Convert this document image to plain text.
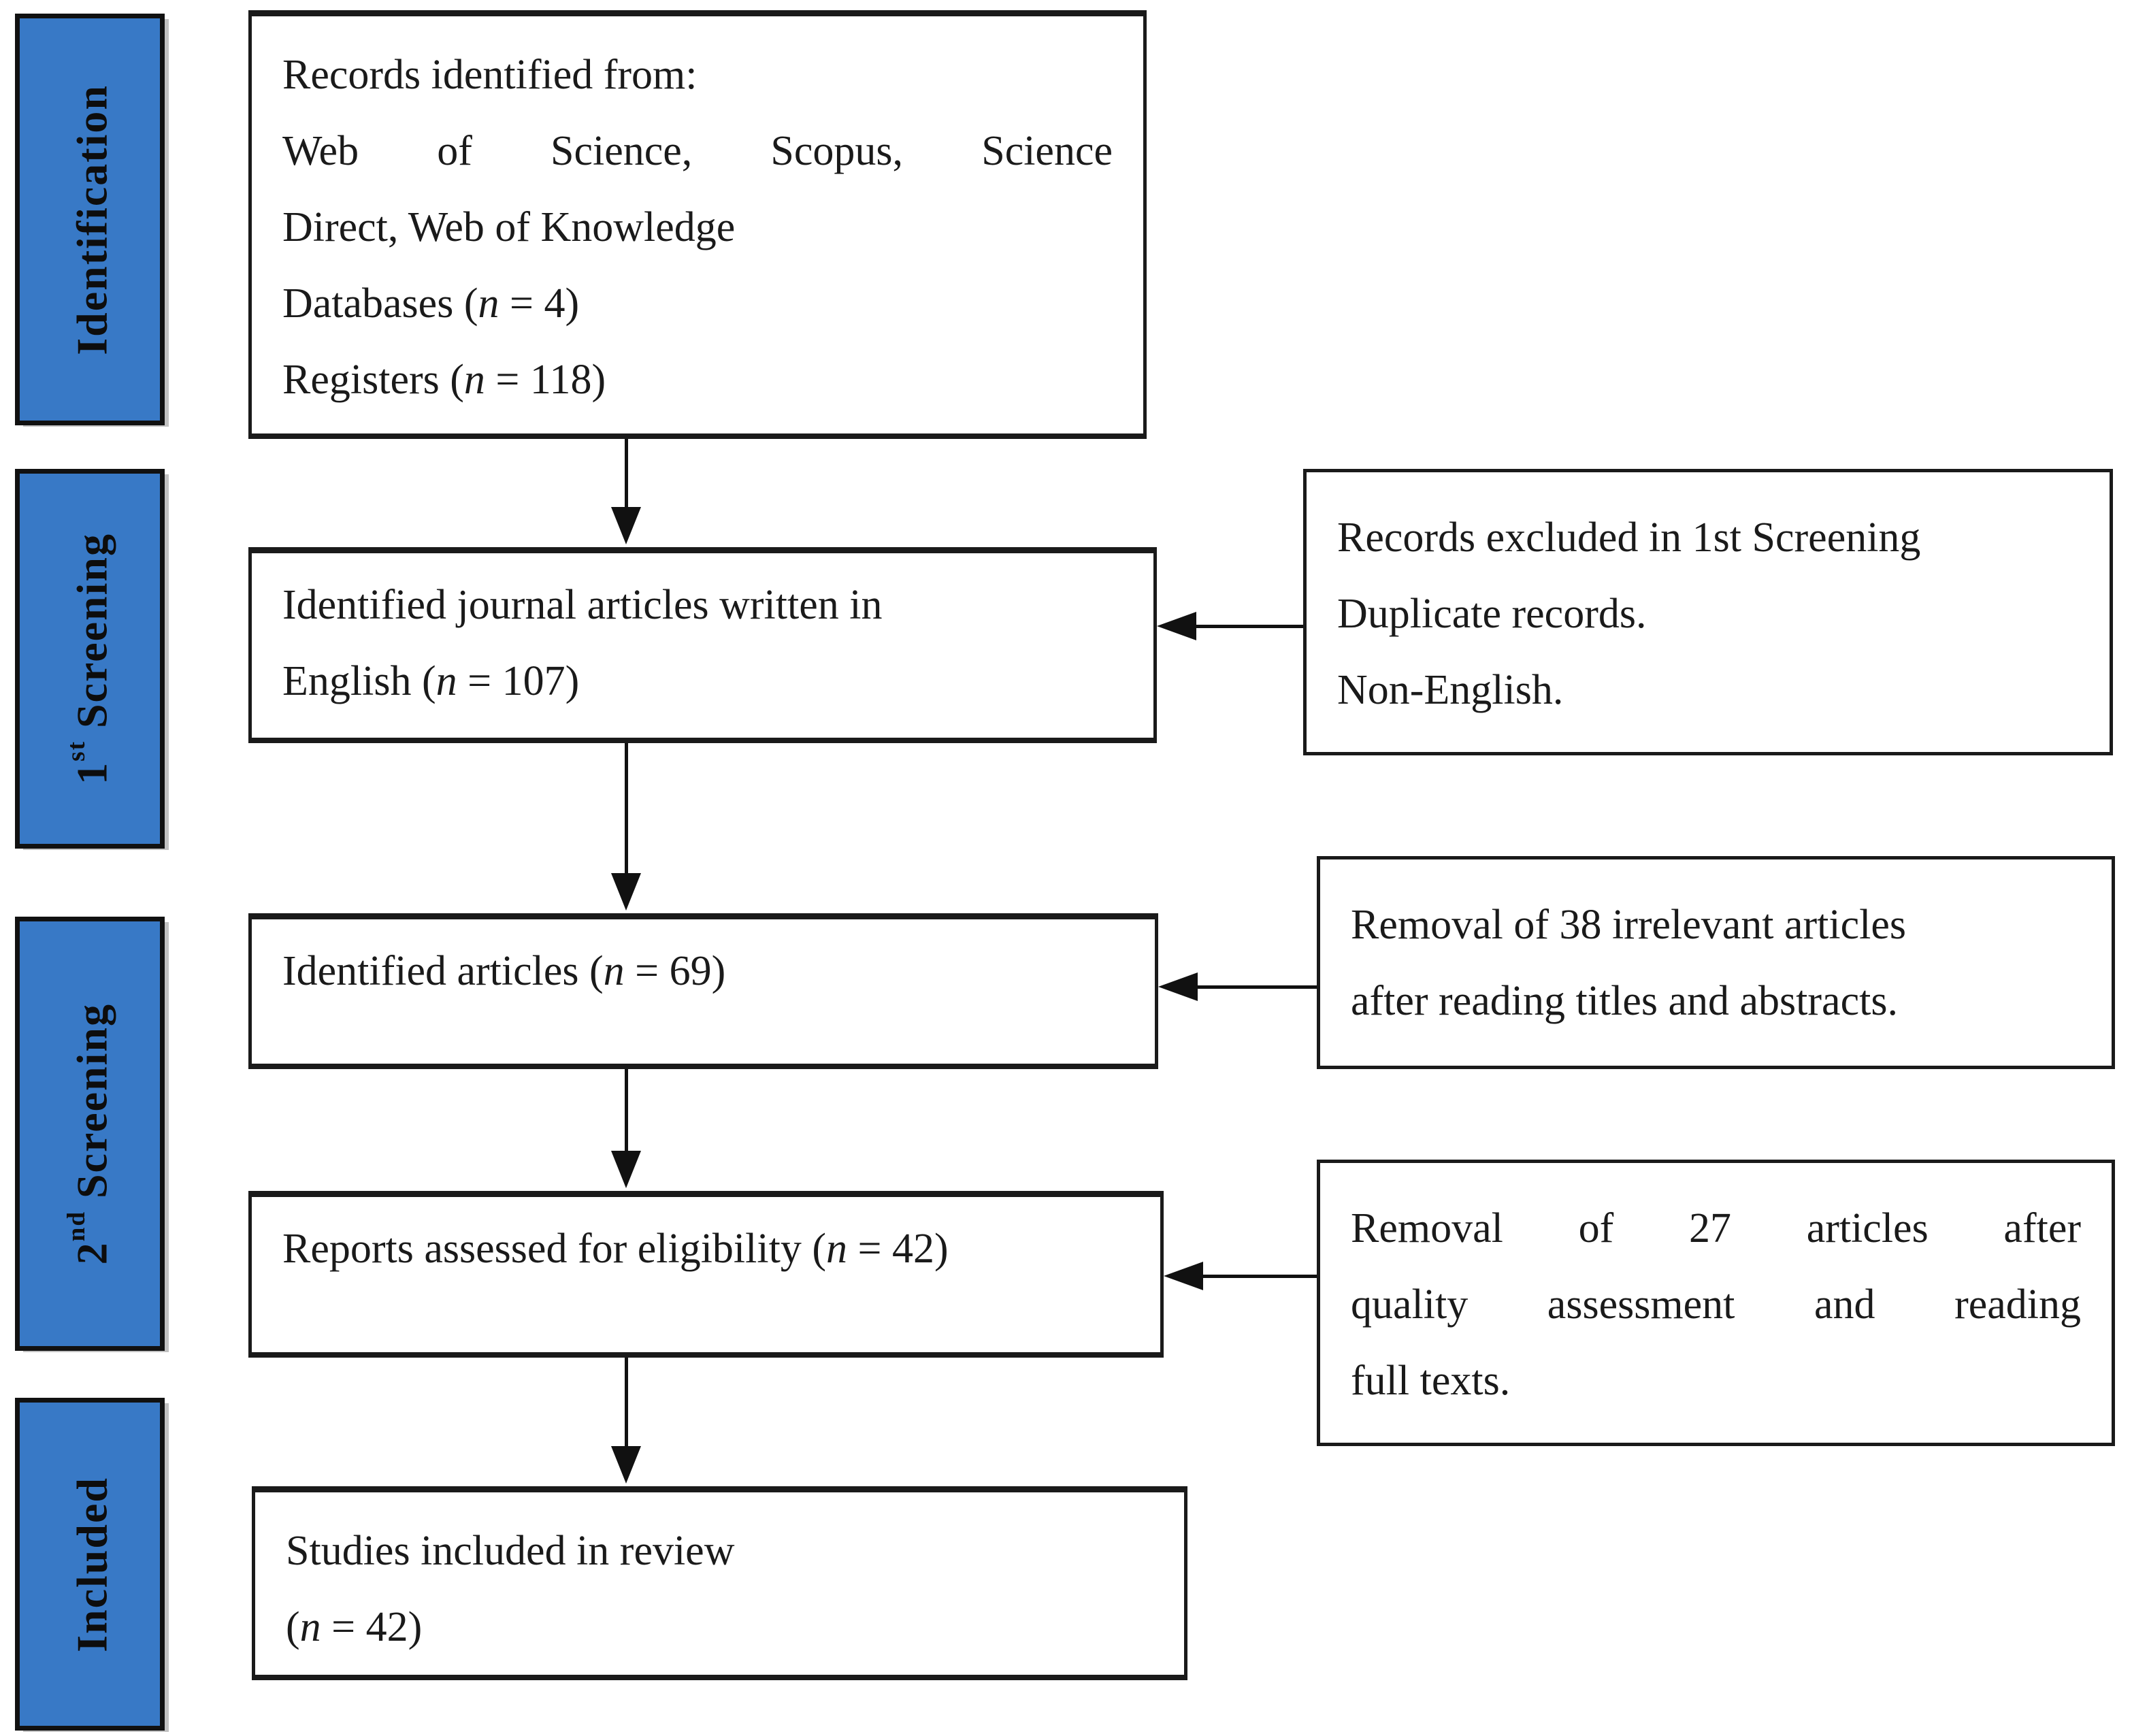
Identification
1st Screening
2nd Screening
Included
Records identified from:
Web of Science, Scopus, Science
Direct, Web of Knowledge
Databases (n = 4)
Registers (n = 118)
Identified journal articles written in
English (n = 107)
Identified articles (n = 69)
Reports assessed for eligibility (n = 42)
Studies included in review
(n = 42)
Records excluded in 1st Screening
Duplicate records.
Non-English.
Removal of 38 irrelevant articles
after reading titles and abstracts.
Removal of 27 articles after
quality assessment and reading
full texts.
